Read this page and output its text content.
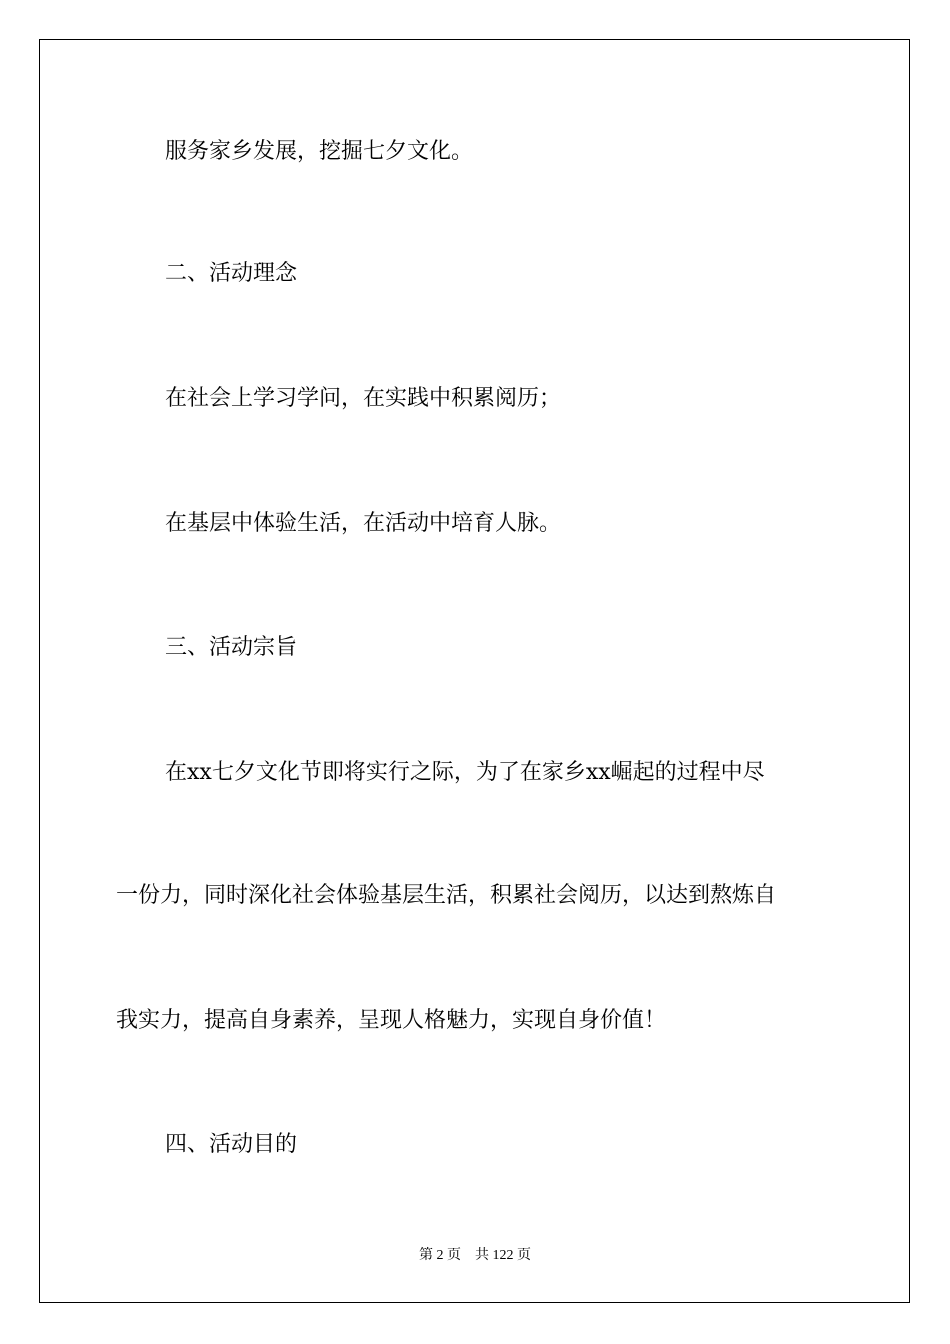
服务家乡发展，挖掘七夕文化。
二、活动理念
在社会上学习学问，在实践中积累阅历；
在基层中体验生活，在活动中培育人脉。
三、活动宗旨
在xx七夕文化节即将实行之际，为了在家乡xx崛起的过程中尽
一份力，同时深化社会体验基层生活，积累社会阅历，以达到熬炼自
我实力，提高自身素养，呈现人格魅力，实现自身价值！
四、活动目的
第 2 页    共 122 页
